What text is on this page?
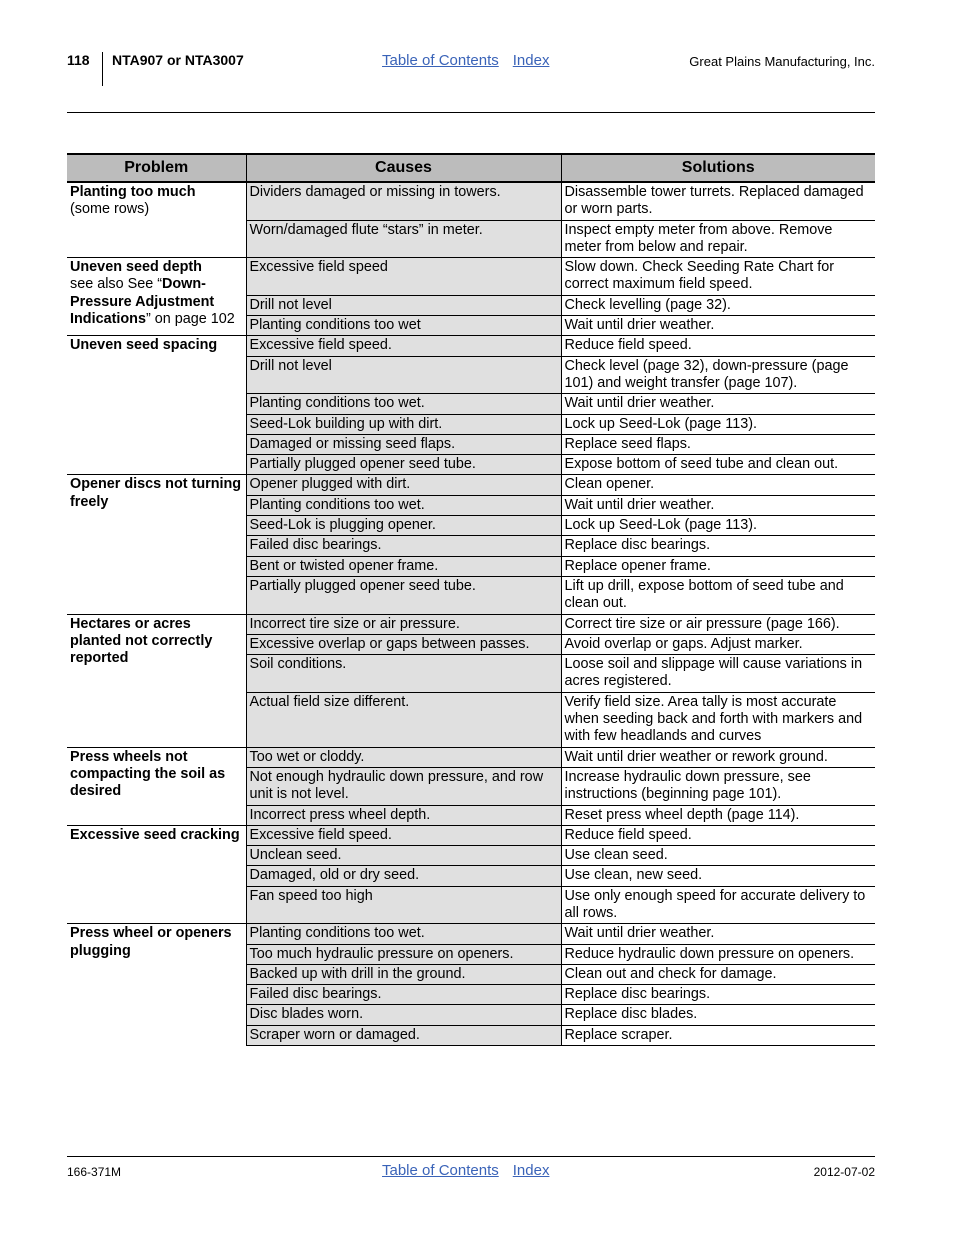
118 NTA907 or NTA3007	Table of Contents Index	Great Plains Manufacturing, Inc.
Problem	Causes	Solutions
Planting too much
(some rows)	Dividers damaged or missing in towers.	Disassemble tower turrets. Replaced damaged or worn parts.
	Worn/damaged flute “stars” in meter.	Inspect empty meter from above. Remove meter from below and repair.
Uneven seed depth
see also See “Down-Pressure Adjustment Indications” on page 102	Excessive field speed	Slow down. Check Seeding Rate Chart for correct maximum field speed.
	Drill not level	Check levelling (page 32).
	Planting conditions too wet	Wait until drier weather.
Uneven seed spacing	Excessive field speed.	Reduce field speed.
	Drill not level	Check level (page 32), down-pressure (page 101) and weight transfer (page 107).
	Planting conditions too wet.	Wait until drier weather.
	Seed-Lok building up with dirt.	Lock up Seed-Lok (page 113).
	Damaged or missing seed flaps.	Replace seed flaps.
	Partially plugged opener seed tube.	Expose bottom of seed tube and clean out.
Opener discs not turning freely	Opener plugged with dirt.	Clean opener.
	Planting conditions too wet.	Wait until drier weather.
	Seed-Lok is plugging opener.	Lock up Seed-Lok (page 113).
	Failed disc bearings.	Replace disc bearings.
	Bent or twisted opener frame.	Replace opener frame.
	Partially plugged opener seed tube.	Lift up drill, expose bottom of seed tube and clean out.
Hectares or acres planted not correctly reported	Incorrect tire size or air pressure.	Correct tire size or air pressure (page 166).
	Excessive overlap or gaps between passes.	Avoid overlap or gaps. Adjust marker.
	Soil conditions.	Loose soil and slippage will cause variations in acres registered.
	Actual field size different.	Verify field size. Area tally is most accurate when seeding back and forth with markers and with few headlands and curves
Press wheels not compacting the soil as desired	Too wet or cloddy.	Wait until drier weather or rework ground.
	Not enough hydraulic down pressure, and row unit is not level.	Increase hydraulic down pressure, see instructions (beginning page 101).
	Incorrect press wheel depth.	Reset press wheel depth (page 114).
Excessive seed cracking	Excessive field speed.	Reduce field speed.
	Unclean seed.	Use clean seed.
	Damaged, old or dry seed.	Use clean, new seed.
	Fan speed too high	Use only enough speed for accurate delivery to all rows.
Press wheel or openers plugging	Planting conditions too wet.	Wait until drier weather.
	Too much hydraulic pressure on openers.	Reduce hydraulic down pressure on openers.
	Backed up with drill in the ground.	Clean out and check for damage.
	Failed disc bearings.	Replace disc bearings.
	Disc blades worn.	Replace disc blades.
	Scraper worn or damaged.	Replace scraper.
166-371M	Table of Contents Index	2012-07-02
